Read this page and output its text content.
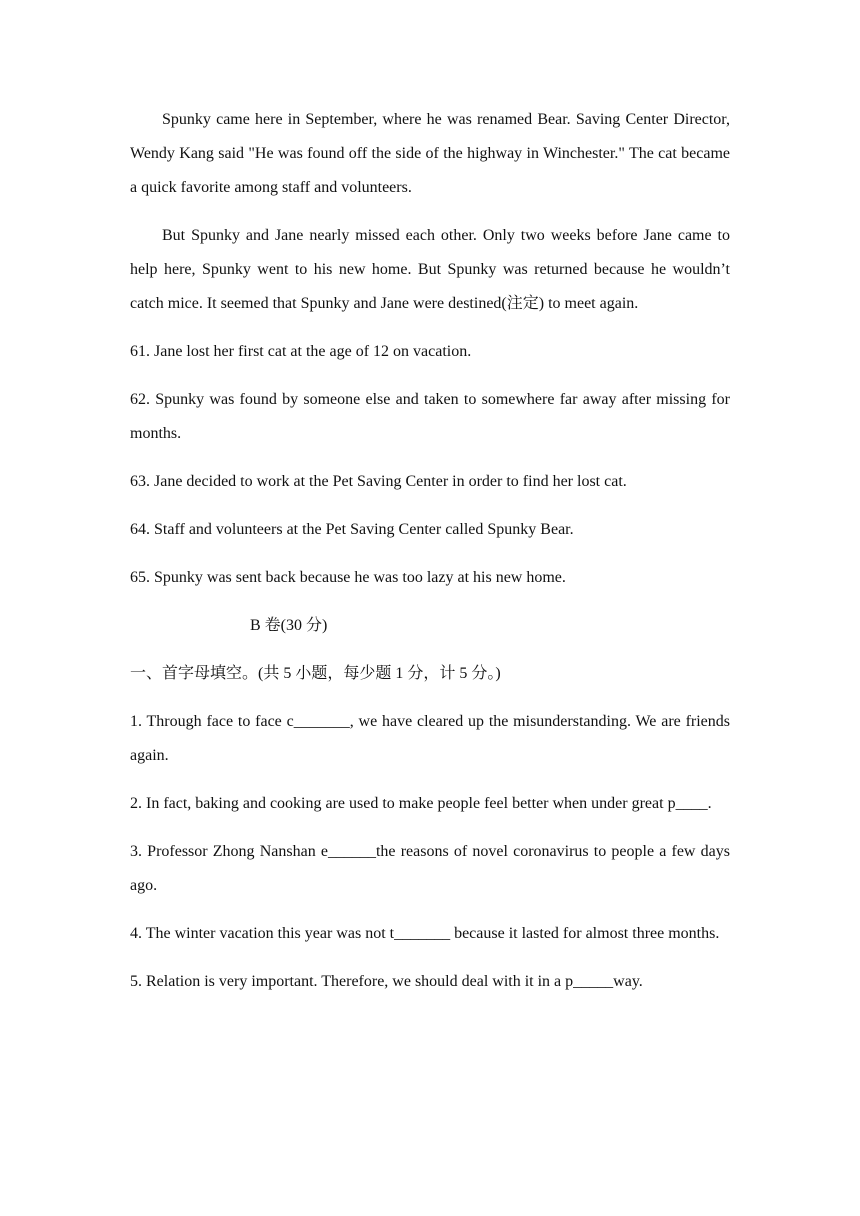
Spunky came here in September, where he was renamed Bear. Saving Center Director, Wendy Kang said "He was found off the side of the highway in Winchester." The cat became a quick favorite among staff and volunteers.

But Spunky and Jane nearly missed each other. Only two weeks before Jane came to help here, Spunky went to his new home. But Spunky was returned because he wouldn’t catch mice. It seemed that Spunky and Jane were destined(注定) to meet again.

61. Jane lost her first cat at the age of 12 on vacation.

62. Spunky was found by someone else and taken to somewhere far away after missing for months.

63. Jane decided to work at the Pet Saving Center in order to find her lost cat.

64. Staff and volunteers at the Pet Saving Center called Spunky Bear.

65. Spunky was sent back because he was too lazy at his new home.

B 卷(30 分)

一、首字母填空。(共 5 小题，每少题 1 分，计 5 分。)

1. Through face to face c_______, we have cleared up the misunderstanding. We are friends again.

2. In fact, baking and cooking are used to make people feel better when under great p____.

3. Professor Zhong Nanshan e______the reasons of novel coronavirus to people a few days ago.

4. The winter vacation this year was not t_______ because it lasted for almost three months.

5. Relation is very important. Therefore, we should deal with it in a p_____way.
